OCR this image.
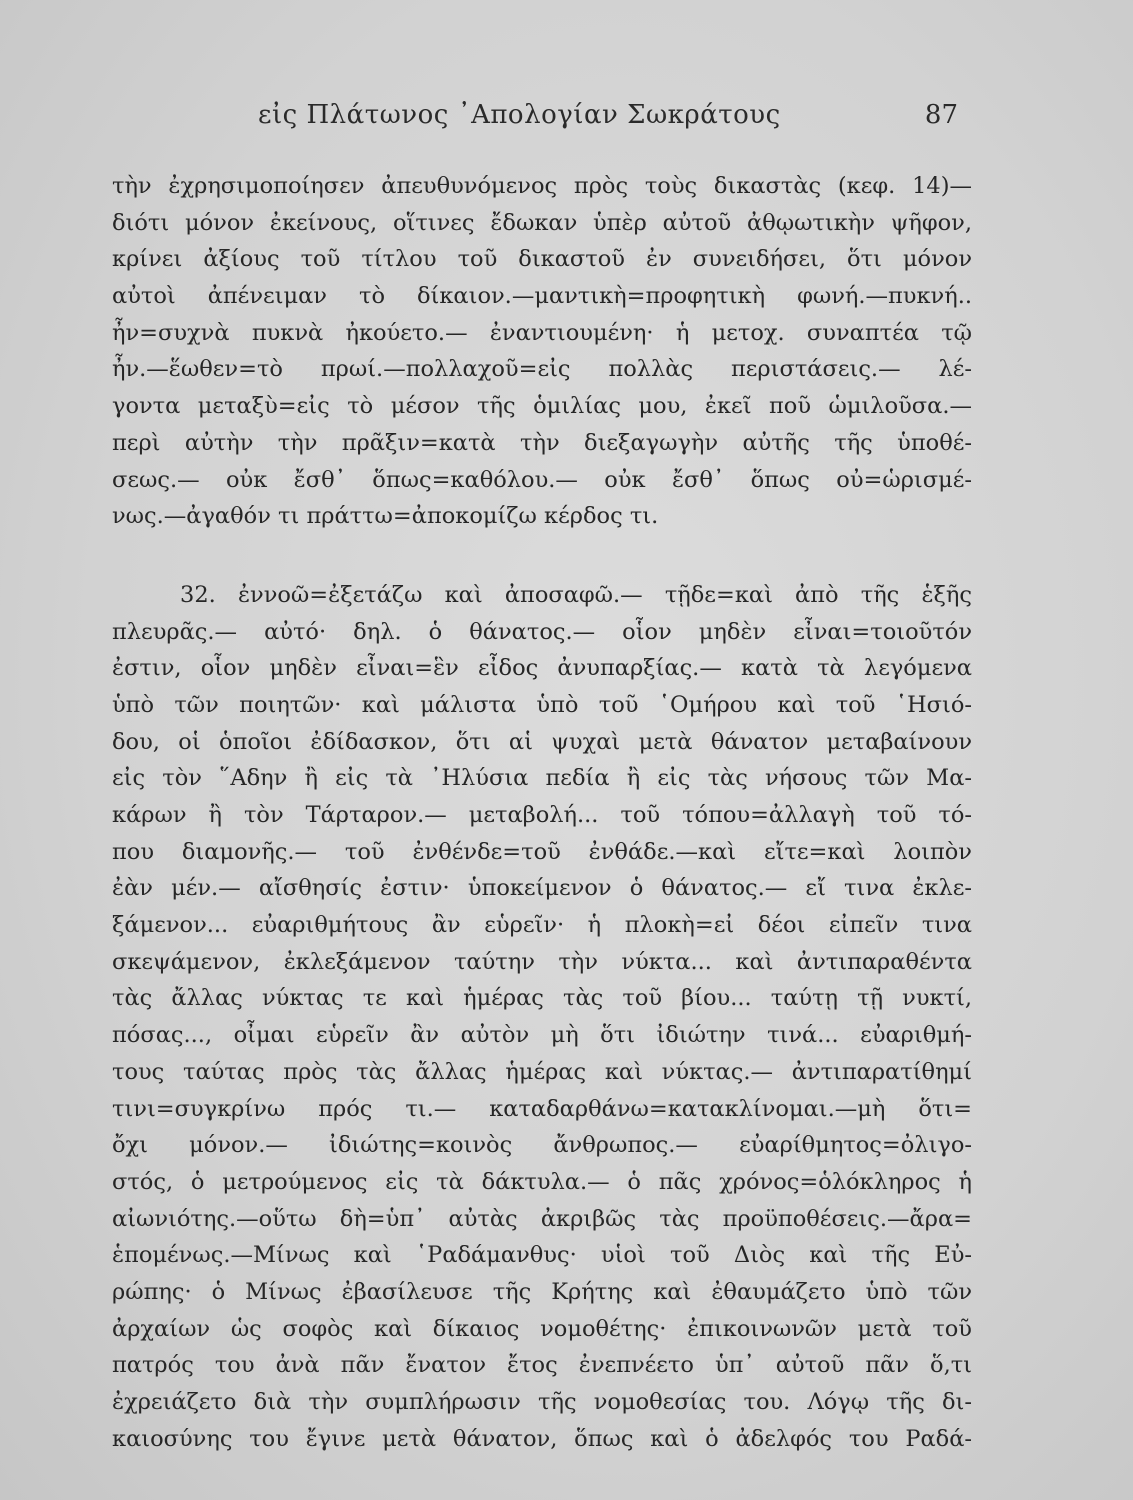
εἰς Πλάτωνος ᾿Απολογίαν Σωκράτους	87
τὴν ἐχρησιμοποίησεν ἀπευθυνόμενος πρὸς τοὺς δικαστὰς (κεφ. 14)—
διότι μόνον ἐκείνους, οἵτινες ἔδωκαν ὑπὲρ αὐτοῦ ἀθῳωτικὴν ψῆφον,
κρίνει ἀξίους τοῦ τίτλου τοῦ δικαστοῦ ἐν συνειδήσει, ὅτι μόνον
αὐτοὶ ἀπένειμαν τὸ δίκαιον.—μαντικὴ=προφητικὴ φωνή.—πυκνή..
ἦν=συχνὰ πυκνὰ ἠκούετο.— ἐναντιουμένη· ἡ μετοχ. συναπτέα τῷ
ἦν.—ἕωθεν=τὸ πρωί.—πολλαχοῦ=εἰς πολλὰς περιστάσεις.— λέ-
γοντα μεταξὺ=εἰς τὸ μέσον τῆς ὁμιλίας μου, ἐκεῖ ποῦ ὡμιλοῦσα.—
περὶ αὐτὴν τὴν πρᾶξιν=κατὰ τὴν διεξαγωγὴν αὐτῆς τῆς ὑποθέ-
σεως.— οὐκ ἔσθ᾿ ὅπως=καθόλου.— οὐκ ἔσθ᾿ ὅπως οὐ=ὡρισμέ-
νως.—ἀγαθόν τι πράττω=ἀποκομίζω κέρδος τι.
32. ἐννοῶ=ἐξετάζω καὶ ἀποσαφῶ.— τῇδε=καὶ ἀπὸ τῆς ἑξῆς
πλευρᾶς.— αὐτό· δηλ. ὁ θάνατος.— οἷον μηδὲν εἶναι=τοιοῦτόν
ἐστιν, οἷον μηδὲν εἶναι=ἓν εἶδος ἀνυπαρξίας.— κατὰ τὰ λεγόμενα
ὑπὸ τῶν ποιητῶν· καὶ μάλιστα ὑπὸ τοῦ ῾Ομήρου καὶ τοῦ ῾Ησιό-
δου, οἱ ὁποῖοι ἐδίδασκον, ὅτι αἱ ψυχαὶ μετὰ θάνατον μεταβαίνουν
εἰς τὸν ῞Αδην ἢ εἰς τὰ ᾿Ηλύσια πεδία ἢ εἰς τὰς νήσους τῶν Μα-
κάρων ἢ τὸν Τάρταρον.— μεταβολή... τοῦ τόπου=ἀλλαγὴ τοῦ τό-
που διαμονῆς.— τοῦ ἐνθένδε=τοῦ ἐνθάδε.—καὶ εἴτε=καὶ λοιπὸν
ἐὰν μέν.— αἴσθησίς ἐστιν· ὑποκείμενον ὁ θάνατος.— εἴ τινα ἐκλε-
ξάμενον... εὐαριθμήτους ἂν εὑρεῖν· ἡ πλοκὴ=εἰ δέοι εἰπεῖν τινα
σκεψάμενον, ἐκλεξάμενον ταύτην τὴν νύκτα... καὶ ἀντιπαραθέντα
τὰς ἄλλας νύκτας τε καὶ ἡμέρας τὰς τοῦ βίου... ταύτῃ τῇ νυκτί,
πόσας..., οἶμαι εὑρεῖν ἂν αὐτὸν μὴ ὅτι ἰδιώτην τινά... εὐαριθμή-
τους ταύτας πρὸς τὰς ἄλλας ἡμέρας καὶ νύκτας.— ἀντιπαρατίθημί
τινι=συγκρίνω πρός τι.— καταδαρθάνω=κατακλίνομαι.—μὴ ὅτι=
ὄχι μόνον.— ἰδιώτης=κοινὸς ἄνθρωπος.— εὐαρίθμητος=ὀλιγο-
στός, ὁ μετρούμενος εἰς τὰ δάκτυλα.— ὁ πᾶς χρόνος=ὁλόκληρος ἡ
αἰωνιότης.—οὕτω δὴ=ὑπ᾿ αὐτὰς ἀκριβῶς τὰς προϋποθέσεις.—ἄρα=
ἑπομένως.—Μίνως καὶ ῾Ραδάμανθυς· υἱοὶ τοῦ Διὸς καὶ τῆς Εὐ-
ρώπης· ὁ Μίνως ἐβασίλευσε τῆς Κρήτης καὶ ἐθαυμάζετο ὑπὸ τῶν
ἀρχαίων ὡς σοφὸς καὶ δίκαιος νομοθέτης· ἐπικοινωνῶν μετὰ τοῦ
πατρός του ἀνὰ πᾶν ἔνατον ἔτος ἐνεπνέετο ὑπ᾿ αὐτοῦ πᾶν ὅ,τι
ἐχρειάζετο διὰ τὴν συμπλήρωσιν τῆς νομοθεσίας του. Λόγῳ τῆς δι-
καιοσύνης του ἔγινε μετὰ θάνατον, ὅπως καὶ ὁ ἀδελφός του Ραδά-
